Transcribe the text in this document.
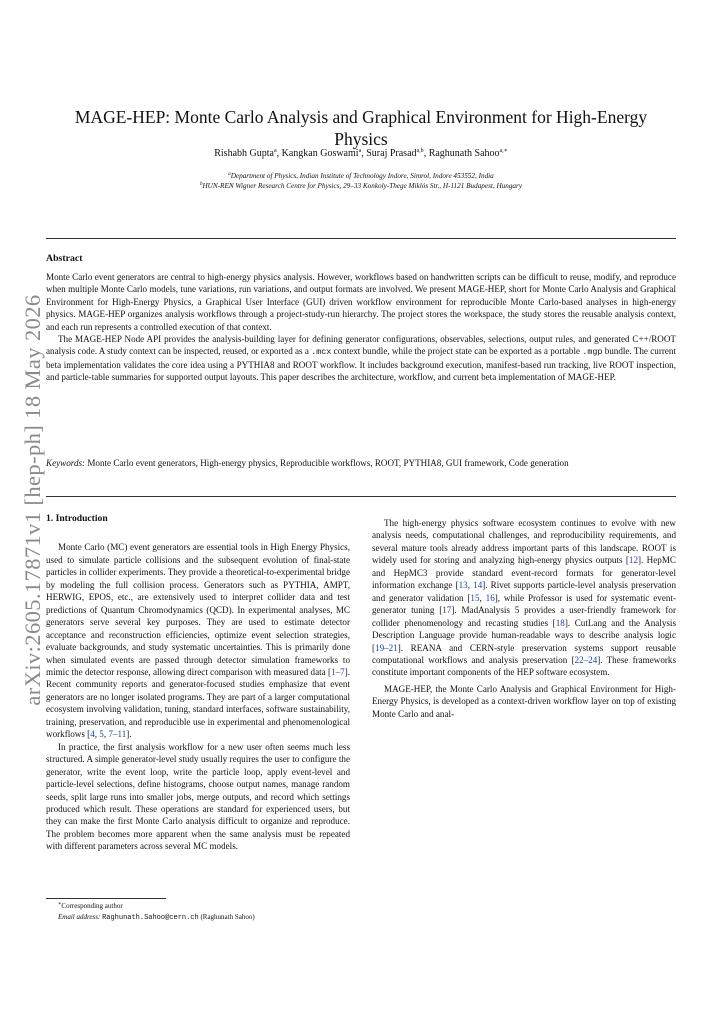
arXiv:2605.17871v1 [hep-ph] 18 May 2026
MAGE-HEP: Monte Carlo Analysis and Graphical Environment for High-Energy Physics
Rishabh Gupta$^a$, Kangkan Goswami$^a$, Suraj Prasad$^{a,b}$, Raghunath Sahoo$^{a,∗}$
$^a$Department of Physics, Indian Institute of Technology Indore, Simrol, Indore 453552, India
$^b$HUN-REN Wigner Research Centre for Physics, 29–33 Konkoly-Thege Miklós Str., H-1121 Budapest, Hungary
Abstract

Monte Carlo event generators are central to high-energy physics analysis. However, workflows based on handwritten scripts can be difficult to reuse, modify, and reproduce when multiple Monte Carlo models, tune variations, run variations, and output formats are involved. We present MAGE-HEP, short for Monte Carlo Analysis and Graphical Environment for High-Energy Physics, a Graphical User Interface (GUI) driven workflow environment for reproducible Monte Carlo-based analyses in high-energy physics. MAGE-HEP organizes analysis workflows through a project-study-run hierarchy. The project stores the workspace, the study stores the reusable analysis context, and each run represents a controlled execution of that context.

The MAGE-HEP Node API provides the analysis-building layer for defining generator configurations, observables, selections, output rules, and generated C++/ROOT analysis code. A study context can be inspected, reused, or exported as a .mcx context bundle, while the project state can be exported as a portable .mgp bundle. The current beta implementation validates the core idea using a PYTHIA8 and ROOT workflow. It includes background execution, manifest-based run tracking, live ROOT inspection, and particle-table summaries for supported output layouts. This paper describes the architecture, workflow, and current beta implementation of MAGE-HEP.

Keywords: Monte Carlo event generators, High-energy physics, Reproducible workflows, ROOT, PYTHIA8, GUI framework, Code generation
1. Introduction

Monte Carlo (MC) event generators are essential tools in High Energy Physics, used to simulate particle collisions and the subsequent evolution of final-state particles in collider experiments. They provide a theoretical-to-experimental bridge by modeling the full collision process. Generators such as PYTHIA, AMPT, HERWIG, EPOS, etc., are extensively used to interpret collider data and test predictions of Quantum Chromodynamics (QCD). In experimental analyses, MC generators serve several key purposes. They are used to estimate detector acceptance and reconstruction efficiencies, optimize event selection strategies, evaluate backgrounds, and study systematic uncertainties. This is primarily done when simulated events are passed through detector simulation frameworks to mimic the detector response, allowing direct comparison with measured data [1–7]. Recent community reports and generator-focused studies emphasize that event generators are no longer isolated programs. They are part of a larger computational ecosystem involving validation, tuning, standard interfaces, software sustainability, training, preservation, and reproducible use in experimental and phenomenological workflows [4, 5, 7–11].

In practice, the first analysis workflow for a new user often seems much less structured. A simple generator-level study usually requires the user to configure the generator, write the event loop, write the particle loop, apply event-level and particle-level selections, define histograms, choose output names, manage random seeds, split large runs into smaller jobs, merge outputs, and record which settings produced which result. These operations are standard for experienced users, but they can make the first Monte Carlo analysis difficult to organize and reproduce. The problem becomes more apparent when the same analysis must be repeated with different parameters across several MC models.

The high-energy physics software ecosystem continues to evolve with new analysis needs, computational challenges, and reproducibility requirements, and several mature tools already address important parts of this landscape. ROOT is widely used for storing and analyzing high-energy physics outputs [12]. HepMC and HepMC3 provide standard event-record formats for generator-level information exchange [13, 14]. Rivet supports particle-level analysis preservation and generator validation [15, 16], while Professor is used for systematic event-generator tuning [17]. MadAnalysis 5 provides a user-friendly framework for collider phenomenology and recasting studies [18]. CutLang and the Analysis Description Language provide human-readable ways to describe analysis logic [19–21]. REANA and CERN-style preservation systems support reusable computational workflows and analysis preservation [22–24]. These frameworks constitute important components of the HEP software ecosystem.

MAGE-HEP, the Monte Carlo Analysis and Graphical Environment for High-Energy Physics, is developed as a context-driven workflow layer on top of existing Monte Carlo and anal-

∗Corresponding author
Email address: Raghunath.Sahoo@cern.ch (Raghunath Sahoo)
